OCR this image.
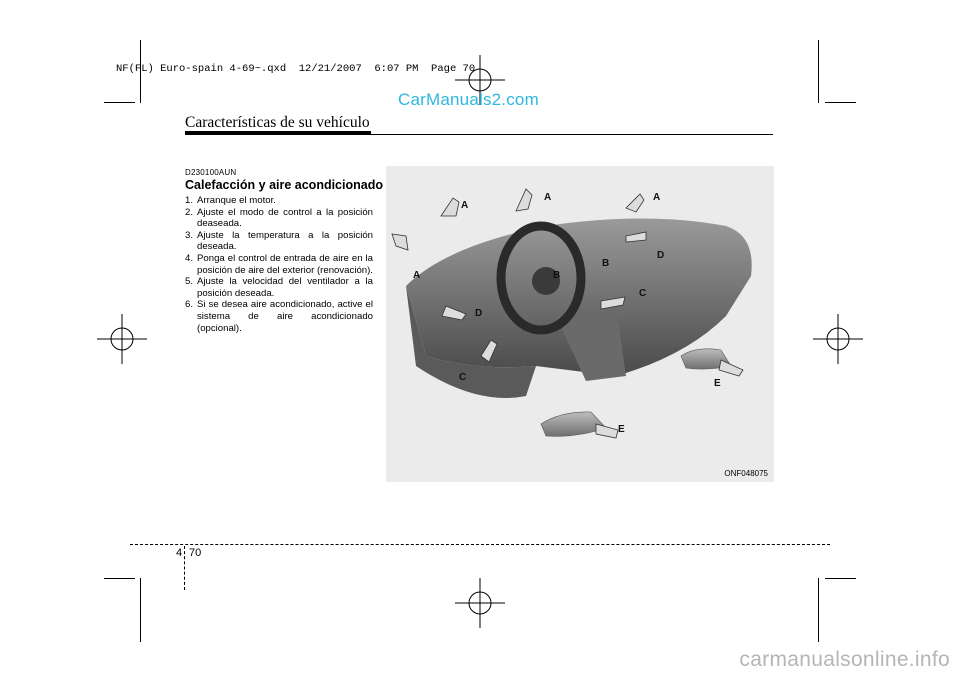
NF(FL) Euro-spain 4-69~.qxd  12/21/2007  6:07 PM  Page 70
CarManuals2.com
Características de su vehículo
D230100AUN
Calefacción y aire acondicionado
1. Arranque el motor.
2. Ajuste el modo de control a la posición deaseada.
3. Ajuste la temperatura a la posición deseada.
4. Ponga el control de entrada de aire en la posición de aire del exterior (renovación).
5. Ajuste la velocidad del ventilador a la posición deseada.
6. Si se desea aire acondicionado, active el sistema de aire acondicionado (opcional).
A
A	A
A	B
B
C
C
D
D
E
E
ONF048075
4 70
carmanualsonline.info
